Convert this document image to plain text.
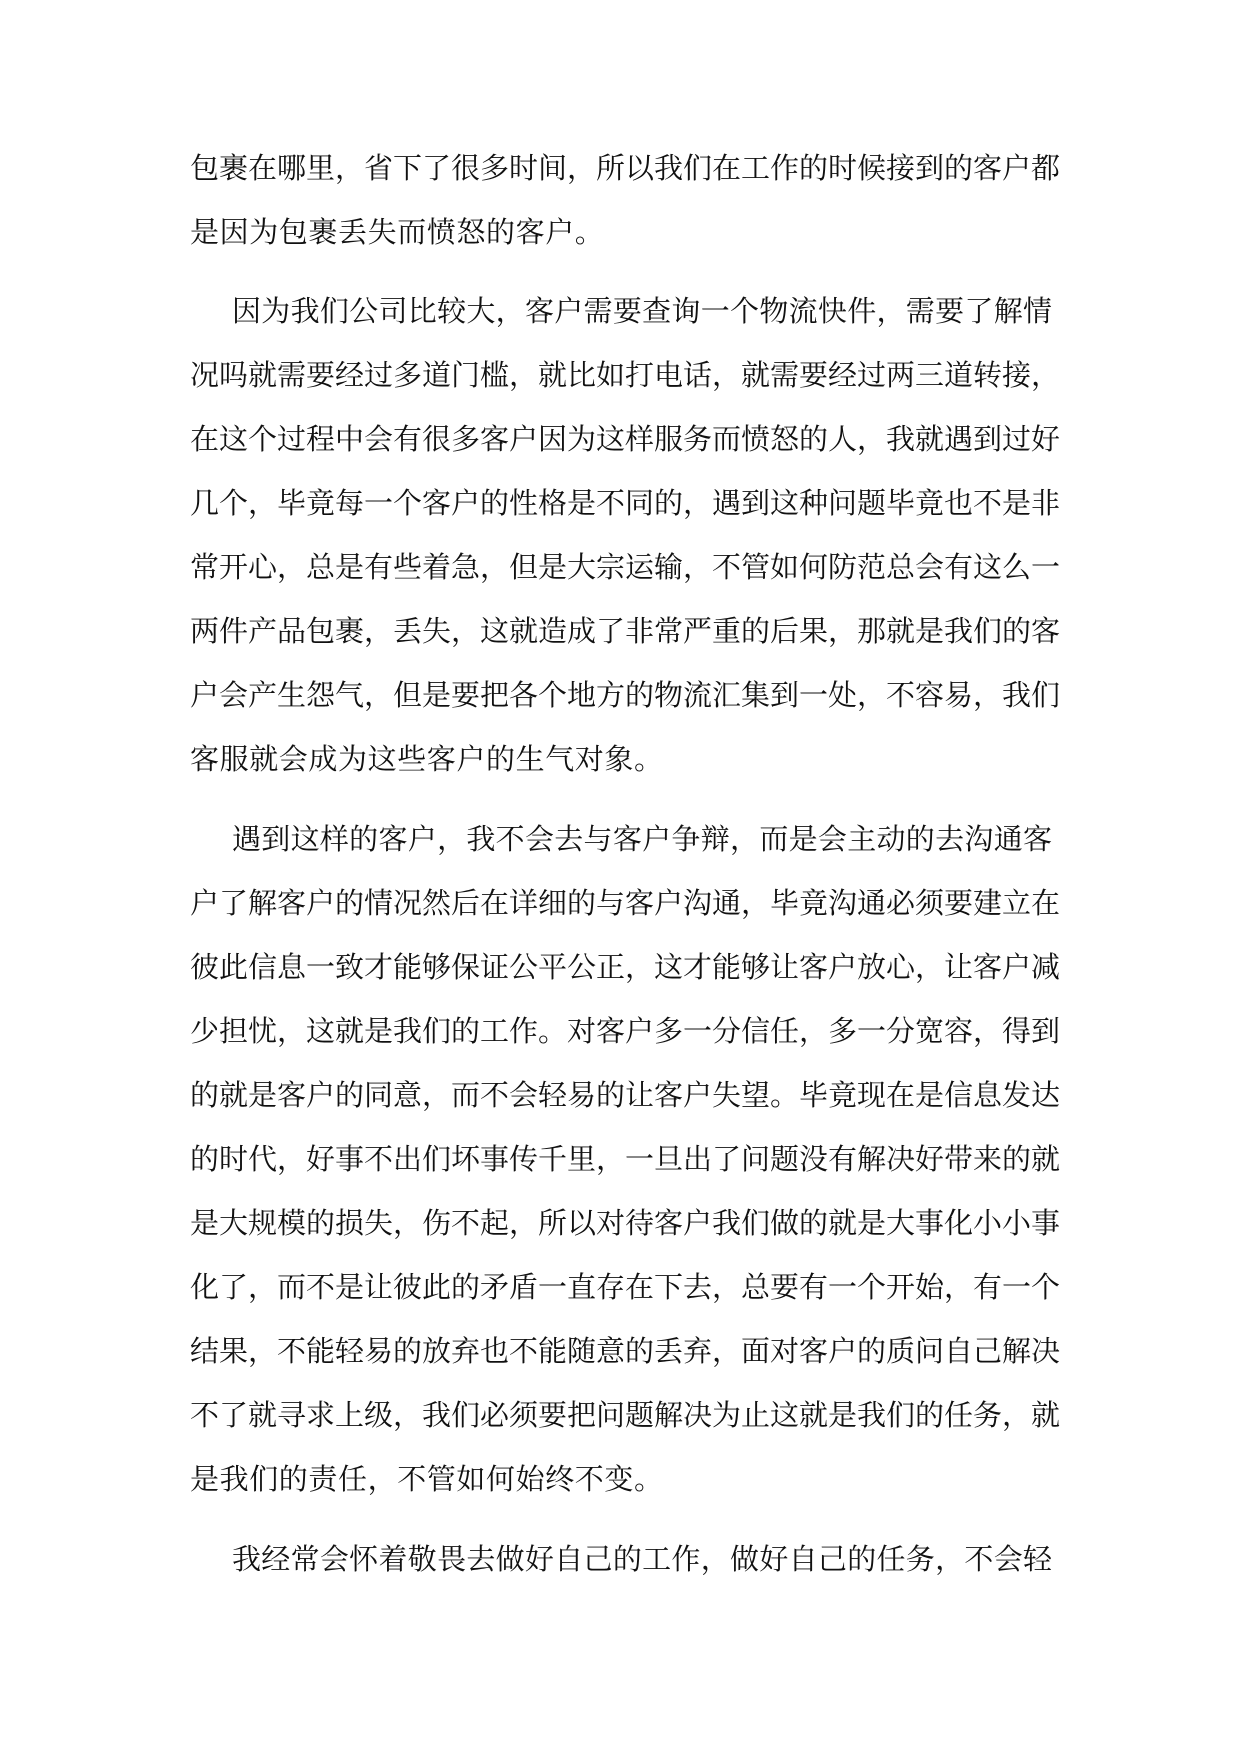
包裹在哪里，省下了很多时间，所以我们在工作的时候接到的客户都
是因为包裹丢失而愤怒的客户。
因为我们公司比较大，客户需要查询一个物流快件，需要了解情
况吗就需要经过多道门槛，就比如打电话，就需要经过两三道转接，
在这个过程中会有很多客户因为这样服务而愤怒的人，我就遇到过好
几个，毕竟每一个客户的性格是不同的，遇到这种问题毕竟也不是非
常开心，总是有些着急，但是大宗运输，不管如何防范总会有这么一
两件产品包裹，丢失，这就造成了非常严重的后果，那就是我们的客
户会产生怨气，但是要把各个地方的物流汇集到一处，不容易，我们
客服就会成为这些客户的生气对象。
遇到这样的客户，我不会去与客户争辩，而是会主动的去沟通客
户了解客户的情况然后在详细的与客户沟通，毕竟沟通必须要建立在
彼此信息一致才能够保证公平公正，这才能够让客户放心，让客户减
少担忧，这就是我们的工作。对客户多一分信任，多一分宽容，得到
的就是客户的同意，而不会轻易的让客户失望。毕竟现在是信息发达
的时代，好事不出们坏事传千里，一旦出了问题没有解决好带来的就
是大规模的损失，伤不起，所以对待客户我们做的就是大事化小小事
化了，而不是让彼此的矛盾一直存在下去，总要有一个开始，有一个
结果，不能轻易的放弃也不能随意的丢弃，面对客户的质问自己解决
不了就寻求上级，我们必须要把问题解决为止这就是我们的任务，就
是我们的责任，不管如何始终不变。
我经常会怀着敬畏去做好自己的工作，做好自己的任务，不会轻
